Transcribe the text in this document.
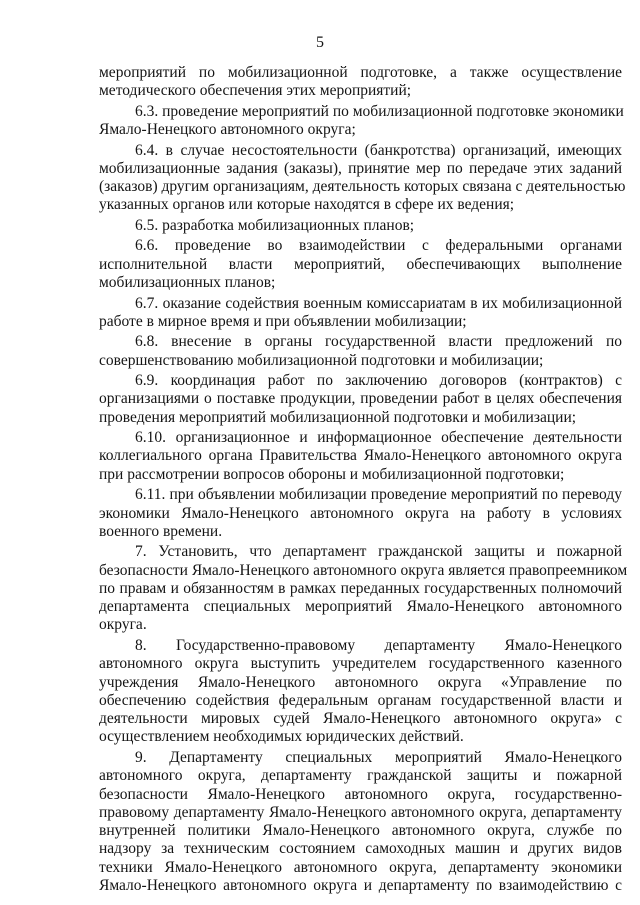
5
мероприятий по мобилизационной подготовке, а также осуществление
методического обеспечения этих мероприятий;
6.3. проведение мероприятий по мобилизационной подготовке экономики
Ямало-Ненецкого автономного округа;
6.4. в случае несостоятельности (банкротства) организаций, имеющих
мобилизационные задания (заказы), принятие мер по передаче этих заданий
(заказов) другим организациям, деятельность которых связана с деятельностью
указанных органов или которые находятся в сфере их ведения;
6.5. разработка мобилизационных планов;
6.6. проведение во взаимодействии с федеральными органами
исполнительной власти мероприятий, обеспечивающих выполнение
мобилизационных планов;
6.7. оказание содействия военным комиссариатам в их мобилизационной
работе в мирное время и при объявлении мобилизации;
6.8. внесение в органы государственной власти предложений по
совершенствованию мобилизационной подготовки и мобилизации;
6.9. координация работ по заключению договоров (контрактов) с
организациями о поставке продукции, проведении работ в целях обеспечения
проведения мероприятий мобилизационной подготовки и мобилизации;
6.10. организационное и информационное обеспечение деятельности
коллегиального органа Правительства Ямало-Ненецкого автономного округа
при рассмотрении вопросов обороны и мобилизационной подготовки;
6.11. при объявлении мобилизации проведение мероприятий по переводу
экономики Ямало-Ненецкого автономного округа на работу в условиях
военного времени.
7. Установить, что департамент гражданской защиты и пожарной
безопасности Ямало-Ненецкого автономного округа является правопреемником
по правам и обязанностям в рамках переданных государственных полномочий
департамента специальных мероприятий Ямало-Ненецкого автономного
округа.
8. Государственно-правовому департаменту Ямало-Ненецкого
автономного округа выступить учредителем государственного казенного
учреждения Ямало-Ненецкого автономного округа «Управление по
обеспечению содействия федеральным органам государственной власти и
деятельности мировых судей Ямало-Ненецкого автономного округа» с
осуществлением необходимых юридических действий.
9. Департаменту специальных мероприятий Ямало-Ненецкого
автономного округа, департаменту гражданской защиты и пожарной
безопасности Ямало-Ненецкого автономного округа, государственно-
правовому департаменту Ямало-Ненецкого автономного округа, департаменту
внутренней политики Ямало-Ненецкого автономного округа, службе по
надзору за техническим состоянием самоходных машин и других видов
техники Ямало-Ненецкого автономного округа, департаменту экономики
Ямало-Ненецкого автономного округа и департаменту по взаимодействию с
